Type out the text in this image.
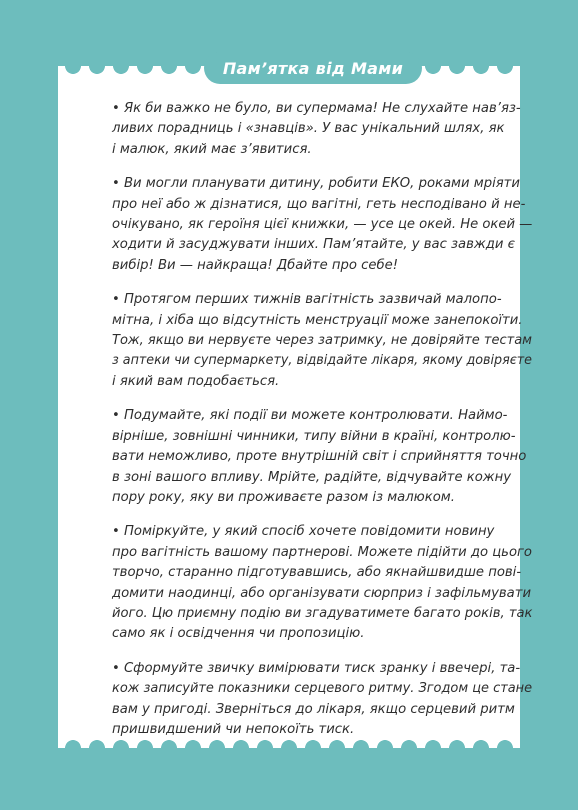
Пам’ятка від Мами

• Як би важко не було, ви супермама! Не слухайте нав’яз-
ливих порадниць і «знавців». У вас унікальний шлях, як
і малюк, який має з’явитися.

• Ви могли планувати дитину, робити ЕКО, роками мріяти
про неї або ж дізнатися, що вагітні, геть несподівано й не-
очікувано, як героїня цієї книжки, — усе це окей. Не окей —
ходити й засуджувати інших. Пам’ятайте, у вас завжди є
вибір! Ви — найкраща! Дбайте про себе!

• Протягом перших тижнів вагітність зазвичай малопо-
мітна, і хіба що відсутність менструації може занепокоїти.
Тож, якщо ви нервуєте через затримку, не довіряйте тестам
з аптеки чи супермаркету, відвідайте лікаря, якому довіряєте
і який вам подобається.

• Подумайте, які події ви можете контролювати. Наймо-
вірніше, зовнішні чинники, типу війни в країні, контролю-
вати неможливо, проте внутрішній світ і сприйняття точно
в зоні вашого впливу. Мрійте, радійте, відчувайте кожну
пору року, яку ви проживаєте разом із малюком.

• Поміркуйте, у який спосіб хочете повідомити новину
про вагітність вашому партнерові. Можете підійти до цього
творчо, старанно підготувавшись, або якнайшвидше пові-
домити наодинці, або організувати сюрприз і зафільмувати
його. Цю приємну подію ви згадуватимете багато років, так
само як і освідчення чи пропозицію.

• Сформуйте звичку вимірювати тиск зранку і ввечері, та-
кож записуйте показники серцевого ритму. Згодом це стане
вам у пригоді. Зверніться до лікаря, якщо серцевий ритм
пришвидшений чи непокоїть тиск.
